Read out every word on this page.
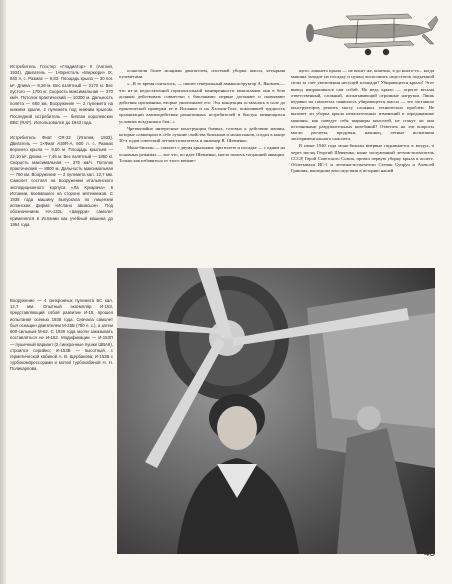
Истребитель Глостер «Гладиатор» II (Англия, 1934). Двигатель — 1×Бристоль «Меркюри» IX, 840 л. с. Размах — 9,83. Площадь крыла — 30 пог. м². Длина — 8,36 м. Вес взлётный — 2170 кг. Вес пустого — 1700 кг. Скорость максимальная — 370 км/ч. Потолок практический — 10300 м. Дальность полёта — 660 км. Вооружение — 2 пулемета на нижнем крыле, 2 пулемета под нижним крылом. Последний истребитель — биплан королевских ВВС (RAF). Использовался до 1943 года.

Истребитель Фиат CR-32 (Италия, 1933). Двигатель — 1×Фиат А30R-А, 600 л. с. Размах верхнего крыла — 9,50 м. Площадь крыльев — 22,10 м². Длина — 7,45 м. Вес взлётный — 1850 кг. Скорость максимальная — 375 км/ч. Потолок практический — 8800 м. Дальность максимальная — 750 км. Вооружение — 2 пулемета кал. 12,7 мм. Самолет состоял на вооружении итальянского экспедиционного корпуса «Ла Кукарача» в Испании, воевавшего на стороне мятежников. С 1938 года машину выпускала по лицензии испанская фирма «Ислано авиасьон». Под обозначением HA-132L «Шиурри» самолет применялся в Испании как учебный машина до 1954 года.

Вооружение — 4 синхронных пулемета БС кал. 12,7 мм. Опытный экземпляр И-153, представляющий собой развитие И-15, прошел испытания осенью 1938 года. Сначала самолет был оснащен двигателем М-25В (750 л. с.), а затем 800-сильным М-62. С 1939 года могли заказывать поставляться не И-153. Модификации — И-153П — пушечный вариант (2 синхронные пушки ШВАК), строился серийно; И-153В — высотный, с герметической кабиной А. В. Щербакова; И-153В с турбокомпрессорами и мотой турбокабиной Н. Н. Поликарпова.

оснастили более мощным двигателем, системой уборки шасси, четырьмя пулеметами.

«...В то время считалось, — пишет генеральный авиаконструктор А. Яковлев,— что из-за недостаточной горизонтальной маневренности монопланов они в бою должны действовать совместно с бипланами: первые догоняют и сковывают действия противника, вторые уничтожают его. Эта концепция оставалась в силе до практической проверки ее в Испании и на Халхин-Голе, показавшей трудность организации взаимодействия разнотипных истребителей в быстро меняющихся условиях воздушного боя...»

Чрезвычайно интересные конструкции боевых, готовых к действию машин, которые совмещали в себе лучшие свойства бипланов и монопланов, создал в конце 30-х годов советский летчик-испытатель и инженер В. Шевченко.

Моно-биплан — самолет с двумя крыльями: при взлете и посадке — с одним на основных режимах — вот что, по идее Шевченко, могло помочь тогдашней авиации. Только как избавиться от этого мешаю-

щего, лишнего крыла — не висит же, конечно, в до иного-то... когда машина заходит на посадку и нужно восполнить недостаток подъемной силы за счет увеличения несущей площади? Убирающееся крыло! Этот вывод напрашивался сам собой. Но ведь крыло — агрегат весьма ответственный, сложный, испытывающий огромные нагрузки. Лишь недавно на самолетах появилось убирающееся шасси — это заставило конструкторов решить массу сложных технических проблем. Не вызовет ли уборка крыла нежелательных изменений в аэродинамике машины, как поведут себя шарниры консолей, не станут ли они источниками разрушительных колебаний? Ответить на эти вопросы могли расчеты, продувки, наконец, летные испытания экспериментального самолета.

В июне 1940 года моно-биплан впервые поднимается в воздух, а через месяц Георгий Шевченко, ныне заслуженный летчик-испытатель СССР, Герой Советского Союза, провел первую уборку крыла в полете. Облетывали ИС-1 и летчики-испытатели Степан Супрун и Алексей Гринчик, вошедшие впоследствии в историю нашей

45
